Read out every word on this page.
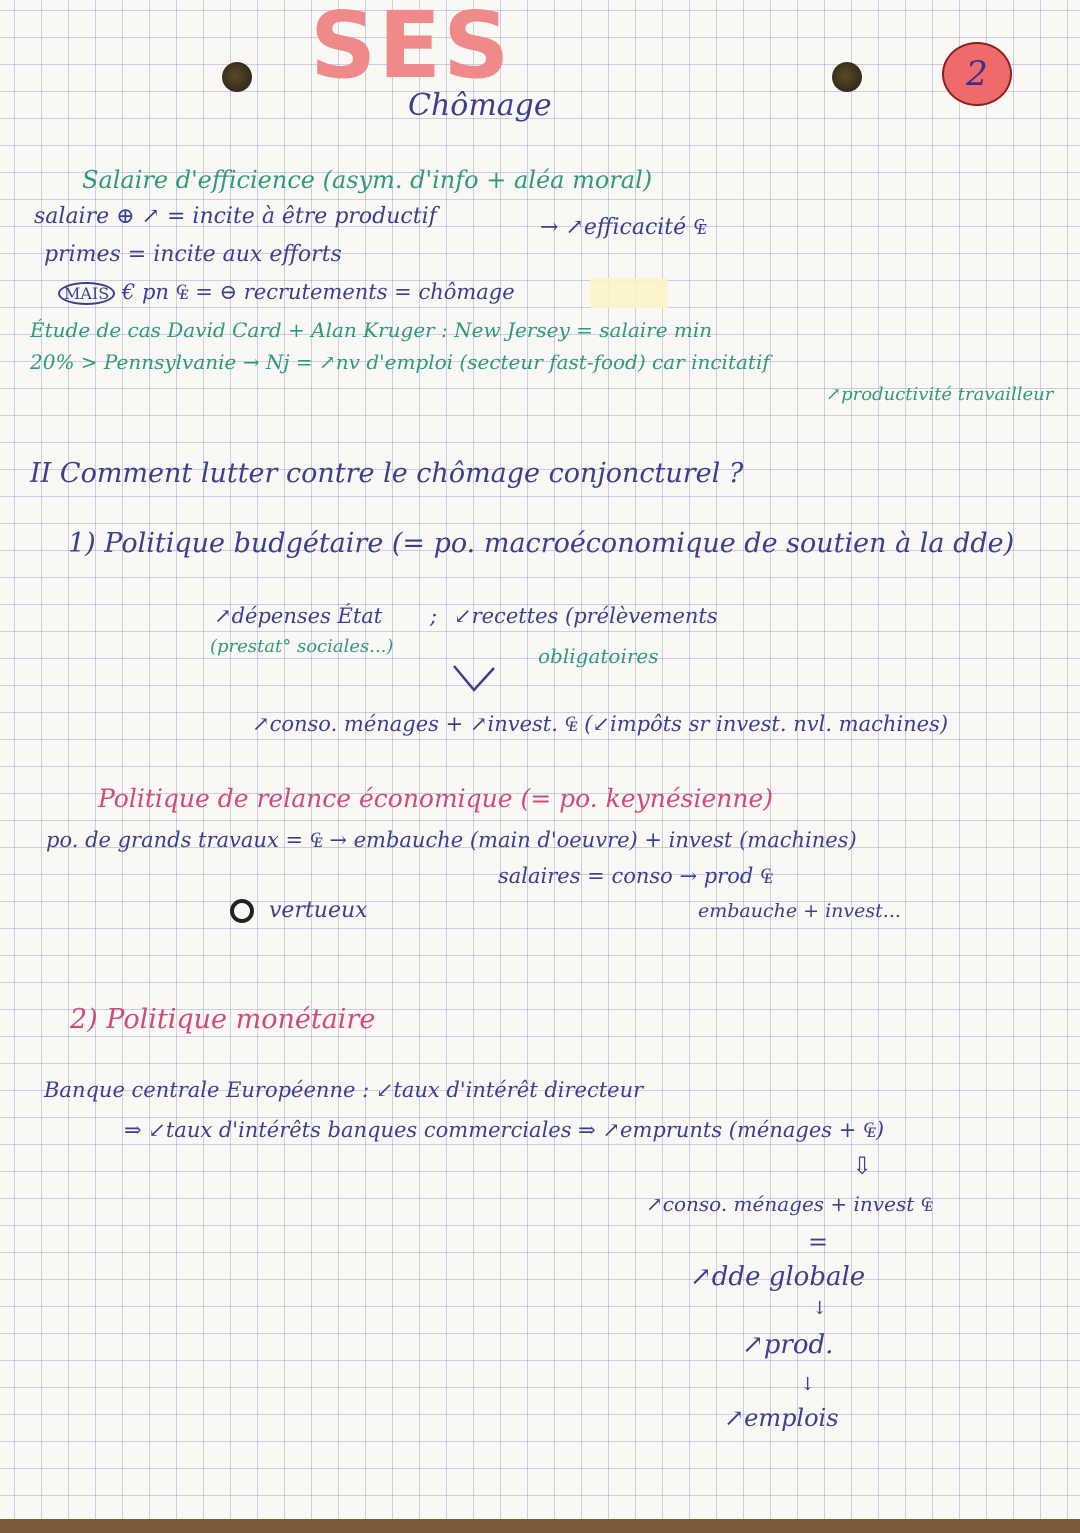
SES
Chômage
2
Salaire d'efficience (asym. d'info + aléa moral)
salaire ⊕ ↗ = incite à être productif	→ ↗efficacité ₠
primes = incite aux efforts
MAIS € pn ₠ = ⊖ recrutements = chômage
Étude de cas David Card + Alan Kruger : New Jersey = salaire min
20% > Pennsylvanie → Nj = ↗nv d'emploi (secteur fast-food) car incitatif
↗productivité travailleur
II Comment lutter contre le chômage conjoncturel ?
1) Politique budgétaire (= po. macroéconomique de soutien à la dde)
↗dépenses État ; ↙recettes (prélèvements
(prestat° sociales...)	obligatoires
↗conso. ménages + ↗invest. ₠ (↙impôts sr invest. nvl. machines)
Politique de relance économique (= po. keynésienne)
po. de grands travaux = ₠ → embauche (main d'oeuvre) + invest (machines)
salaires = conso → prod ₠
embauche + invest...
vertueux
2) Politique monétaire
Banque centrale Européenne : ↙taux d'intérêt directeur
⇒ ↙taux d'intérêts banques commerciales ⇒ ↗emprunts (ménages + ₠)
⇩
↗conso. ménages + invest ₠
=
↗dde globale
↓
↗prod.
↓
↗emplois
